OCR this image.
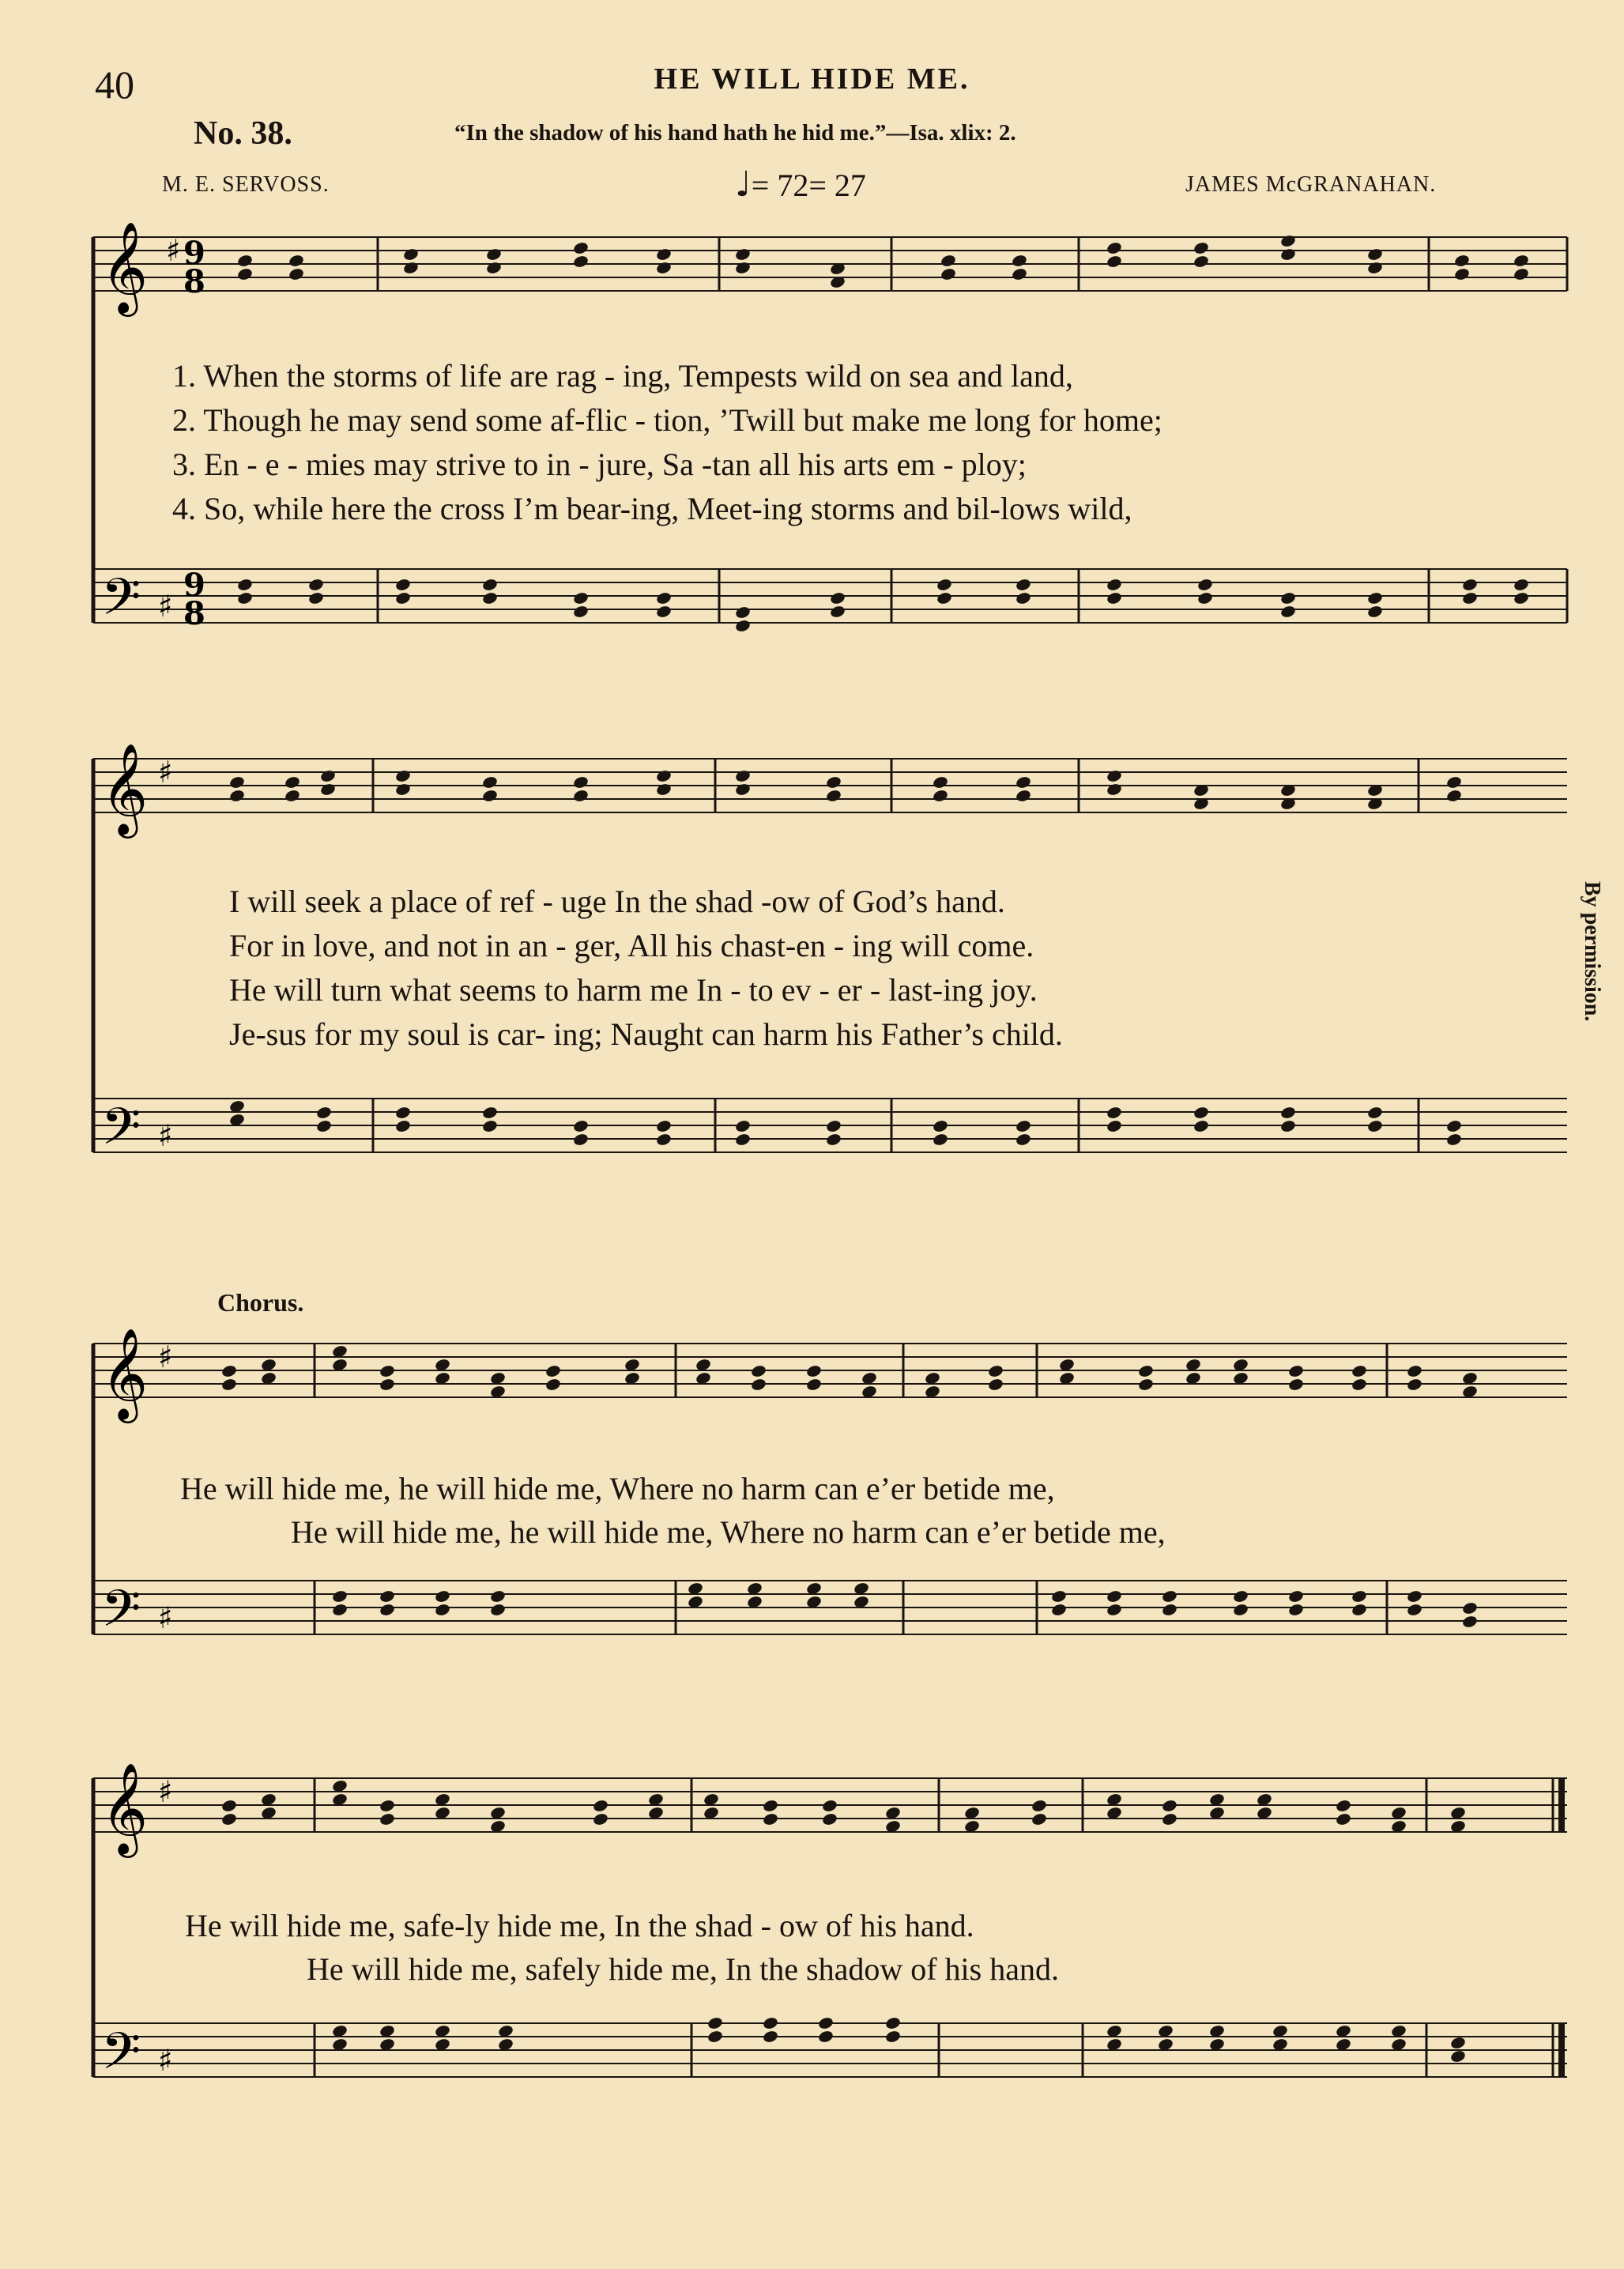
40	HE WILL HIDE ME.
No. 38.	“In the shadow of his hand hath he hid me.”—Isa. xlix: 2.
M. E. SERVOSS.	♩= 72= 27	JAMES McGRANAHAN.
𝄞
𝄢
♯
♯
9
8
9
8
𝄞
𝄢
♯
♯
𝄞
𝄢
♯
♯
𝄞
𝄢
♯
♯
1. When the storms of life are rag - ing, Tempests wild on sea and land,
2. Though he may send some af-flic - tion, ’Twill but make me long for home;
3. En - e - mies may strive to in - jure, Sa -tan all his arts em - ploy;
4. So, while here the cross I’m bear-ing, Meet-ing storms and bil-lows wild,
I will seek a place of ref - uge In the shad -ow of God’s hand.
For in love, and not in an - ger, All his chast-en - ing will come.
He will turn what seems to harm me In - to ev - er - last-ing joy.
Je-sus for my soul is car- ing; Naught can harm his Father’s child.
Chorus.
He will hide me, he will hide me, Where no harm can e’er betide me,
He will hide me, he will hide me, Where no harm can e’er betide me,
He will hide me, safe-ly hide me, In the shad - ow of his hand.
He will hide me, safely hide me, In the shadow of his hand.
By permission.
